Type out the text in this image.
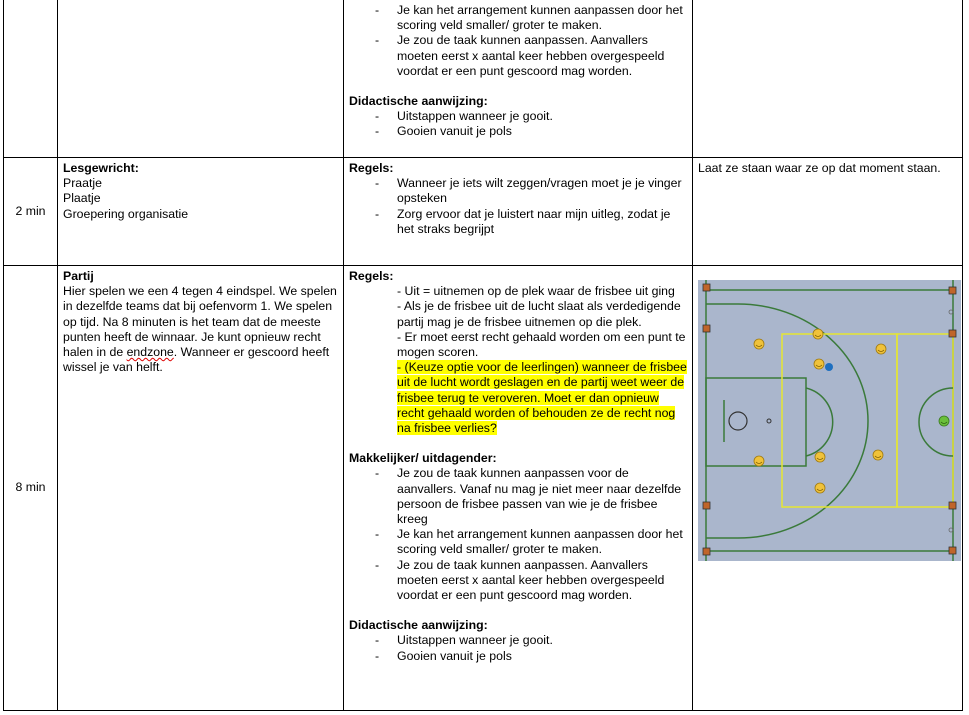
- Je kan het arrangement kunnen aanpassen door het scoring veld smaller/ groter te maken.
- Je zou de taak kunnen aanpassen. Aanvallers moeten eerst x aantal keer hebben overgespeeld voordat er een punt gescoord mag worden.
Didactische aanwijzing:
- Uitstappen wanneer je gooit.
- Gooien vanuit je pols
2 min
Lesgewricht:
Praatje
Plaatje
Groepering organisatie
Regels:
- Wanneer je iets wilt zeggen/vragen moet je je vinger opsteken
- Zorg ervoor dat je luistert naar mijn uitleg, zodat je het straks begrijpt
Laat ze staan waar ze op dat moment staan.
8 min
Partij
Hier spelen we een 4 tegen 4 eindspel. We spelen in dezelfde teams dat bij oefenvorm 1. We spelen op tijd. Na 8 minuten is het team dat de meeste punten heeft de winnaar. Je kunt opnieuw recht halen in de endzone. Wanneer er gescoord heeft wissel je van helft.
Regels:
- Uit = uitnemen op de plek waar de frisbee uit ging
- Als je de frisbee uit de lucht slaat als verdedigende partij mag je de frisbee uitnemen op die plek.
- Er moet eerst recht gehaald worden om een punt te mogen scoren.
- (Keuze optie voor de leerlingen) wanneer de frisbee uit de lucht wordt geslagen en de partij weet weer de frisbee terug te veroveren. Moet er dan opnieuw recht gehaald worden of behouden ze de recht nog na frisbee verlies?
Makkelijker/ uitdagender:
- Je zou de taak kunnen aanpassen voor de aanvallers. Vanaf nu mag je niet meer naar dezelfde persoon de frisbee passen van wie je de frisbee kreeg
- Je kan het arrangement kunnen aanpassen door het scoring veld smaller/ groter te maken.
- Je zou de taak kunnen aanpassen. Aanvallers moeten eerst x aantal keer hebben overgespeeld voordat er een punt gescoord mag worden.
Didactische aanwijzing:
- Uitstappen wanneer je gooit.
- Gooien vanuit je pols
